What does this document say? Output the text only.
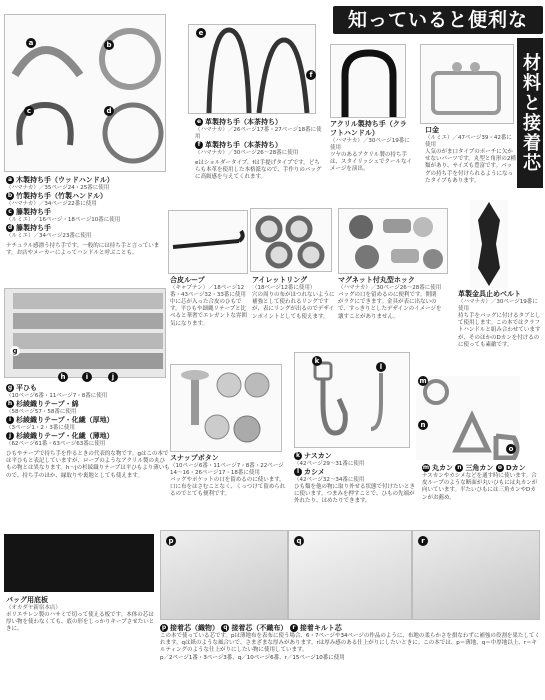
知っていると便利な
材料と接着芯
a	b
c	d
a 木製持ち手（ウッドハンドル）
（ハマナカ）／35ページ24・25番に使用
b 竹製持ち手（竹製ハンドル）
（ハマナカ）／34ページ22番に使用
c 籐製持ち手
（ルミエ）／16ページ・18ページ10番に使用
d 籐製持ち手
（ルミエ）／34ページ23番に使用
ナチュラル感漂う持ち手です。一般的には持ち手と言っています。お店やメーカーによってハンドルと呼ぶことも。
e
f
e 革製持ち手（本茶持ち）
（ハマナカ）／26ページ17番・27ページ18番に使用
f 革製持ち手（本茶持ち）
（ハマナカ）／30ページ26～28番に使用
eはショルダータイプ、fは手提げタイプです。どちらも本革を使用した本格派なので、手作りのバッグに高級感を与えてくれます。
アクリル製持ち手（クラフトハンドル）
（ハマナカ）／30ページ19番に使用
ツヤのあるアクリル製の持ち手は、スタイリッシュでクールなイメージを演出。
口金
（ルミエ）／47ページ39・42番に使用
人気のがま口タイプのポーチに欠かせないパーツです。丸型と角形の2種類があり、サイズも豊富です。バッグの持ち手を付けられるようになったタイプもあります。
合皮ループ
（キャプテン）／18ページ12番・43ページ32・33番に使用
中に芯が入った合皮のひもです。平ひもや細縄リテープと比べると華奢でエレガントな雰囲気になります。
アイレットリング
（18ページ12番に使用）
穴の周りの布がほつれないように補強として使われるリングですが、表にリングが出るのでデザインポイントとしても使えます。
マグネット付丸型ホック
（ハマナカ）／30ページ26～28番に使用
バッグの口を留めるのに便利です。開閉がラクにできます。金具が表に出ないので、すっきりとしたデザインのイメージを壊すことがありません。
革製金具止めベルト
（ハマナカ）／30ページ19番に使用
持ち手をバッグに付けるタブとして使用します。この本ではクラフトハンドルと組み合わせていますが、そのほかのDカンを付けるのに使っても素敵です。
g
h	i	j
g 平ひも
（10ページ6番・11ページ7・8番に使用
h 杉綾織りテープ・綿
（58ページ57・58番に使用
i 杉綾織りテープ・化繊（厚地）
（3ページ1・2・3番に使用
j 杉綾織りテープ・化繊（薄地）
（62ページ61番・63ページ63番に使用
ひもやテープで持ち手を作るときの代表的な物です。gはこの本では平ひもと表記していますが、ロープのようなアクリル製の丸ひもの物とは異なります。h～jの杉綾織りテープは平ひもより薄いもので、持ち手のほか、縁取りや裏地としても使えます。
スナップボタン
（10ページ6番・11ページ7・8番・22ページ14～16・26ページ17・18番に使用
バッグやポケットの口を留めるのに使います。口に布をはさむことなく、くっつけて留められるのでとても便利です。
k
l
k ナスカン
（42ページ29～31番に使用
l カシメ
（42ページ32～34番に使用
ひも類を他の物に取り外せる状態で付けたいときに使います。つまみを押すことで、ひもの先端が外れたり、はめたりできます。
m
n
o
m 丸カン n 三角カン o Dカン
ナスカンやカシメなどを通す時に使います。合皮ループのような断面が丸いひもには丸カンが向いています。平たいひもには三角カンやDカンがお薦め。
バッグ用底板
（オカダヤ新宿本店）
ポリエチレン製のハサミで切って使える板です。本体の芯は厚い物を使わなくても、底の形をしっかりキープさせたいときに。
p	q	r
p 接着芯（織物） q 接着芯（不織布） r 接着キルト芯
この本で使っている芯です。pは薄地布を表布に使う場合、6・7ページや34ページの作品のように、布地の柔らかさを損なわずに補強の役割を果たしてくれます。qは紙のような風合いで、さまざまな厚みがあります。rは厚み感のある仕上がりにしたいときに。この本では、p＝薄地、q＝中厚地以上、r＝キルティングのような仕上がりにしたい物に使用しています。
p／2ページ1番・3ページ3番、q／10ページ6番、r／15ページ10番に使用
